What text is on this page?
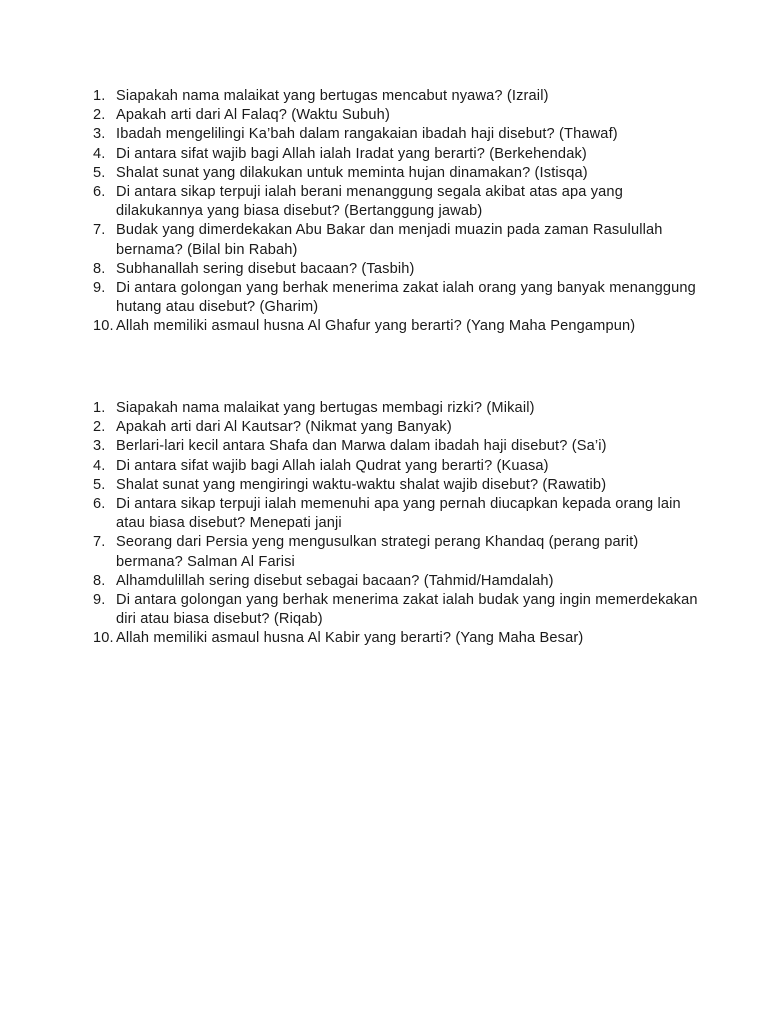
1. Siapakah nama malaikat yang bertugas mencabut nyawa? (Izrail)
2. Apakah arti dari Al Falaq? (Waktu Subuh)
3. Ibadah mengelilingi Ka’bah dalam rangakaian ibadah haji disebut? (Thawaf)
4. Di antara sifat wajib bagi Allah ialah Iradat yang berarti? (Berkehendak)
5. Shalat sunat yang dilakukan untuk meminta hujan dinamakan? (Istisqa)
6. Di antara sikap terpuji ialah berani menanggung segala akibat atas apa yang dilakukannya yang biasa disebut? (Bertanggung jawab)
7. Budak yang dimerdekakan Abu Bakar dan menjadi muazin pada zaman Rasulullah bernama? (Bilal bin Rabah)
8. Subhanallah sering disebut bacaan? (Tasbih)
9. Di antara golongan yang berhak menerima zakat ialah orang yang banyak menanggung hutang atau disebut? (Gharim)
10. Allah memiliki asmaul husna Al Ghafur yang berarti? (Yang Maha Pengampun)
1. Siapakah nama malaikat yang bertugas membagi rizki? (Mikail)
2. Apakah arti dari Al Kautsar? (Nikmat yang Banyak)
3. Berlari-lari kecil antara Shafa dan Marwa dalam ibadah haji disebut? (Sa’i)
4. Di antara sifat wajib bagi Allah ialah Qudrat yang berarti? (Kuasa)
5. Shalat sunat yang mengiringi waktu-waktu shalat wajib disebut? (Rawatib)
6. Di antara sikap terpuji ialah memenuhi apa yang pernah diucapkan kepada orang lain atau biasa disebut? Menepati janji
7. Seorang dari Persia yeng mengusulkan strategi perang Khandaq (perang parit) bermana? Salman Al Farisi
8. Alhamdulillah sering disebut sebagai bacaan? (Tahmid/Hamdalah)
9. Di antara golongan yang berhak menerima zakat ialah budak yang ingin memerdekakan diri atau biasa disebut? (Riqab)
10. Allah memiliki asmaul husna Al Kabir yang berarti? (Yang Maha Besar)
